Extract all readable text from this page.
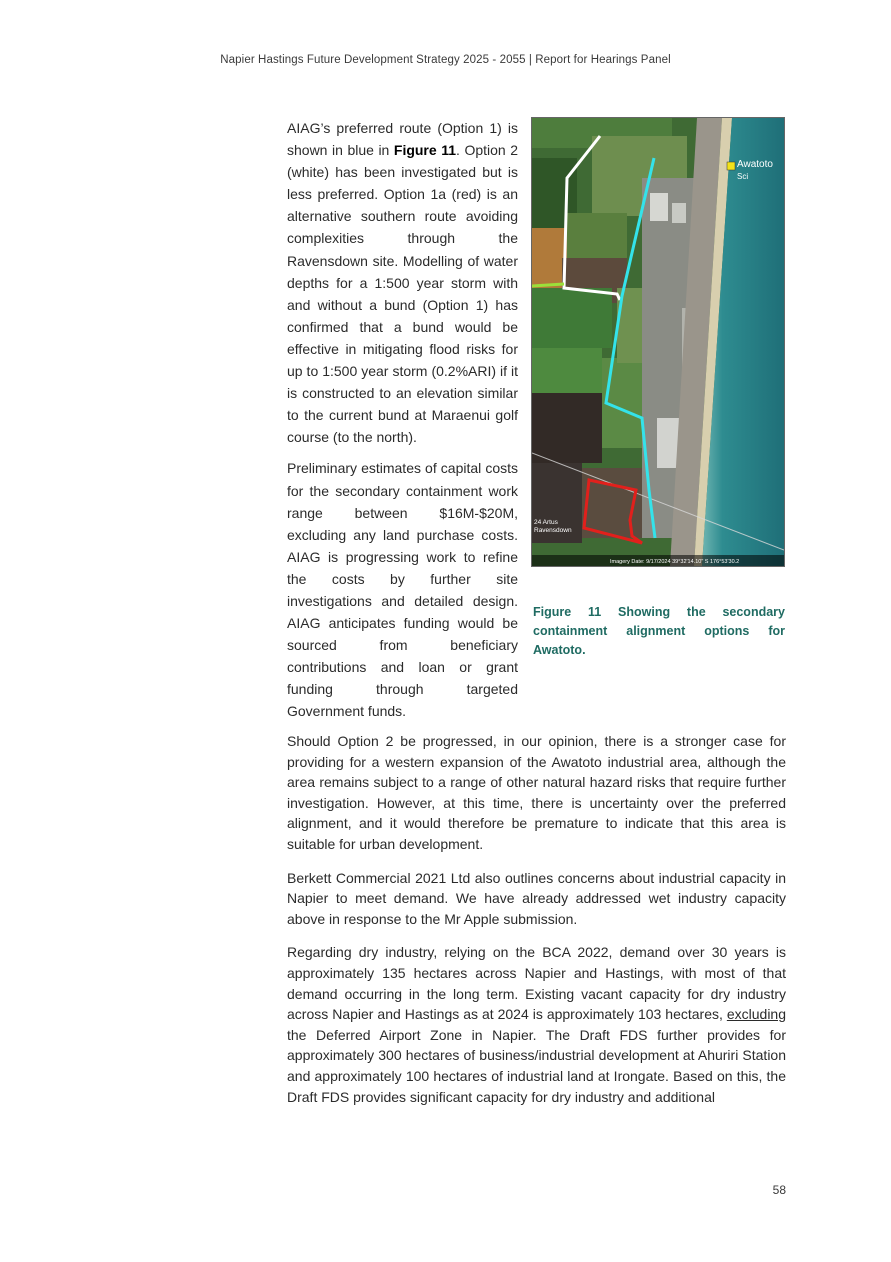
Napier Hastings Future Development Strategy 2025 - 2055 | Report for Hearings Panel

AIAG’s preferred route (Option 1) is shown in blue in Figure 11. Option 2 (white) has been investigated but is less preferred. Option 1a (red) is an alternative southern route avoiding complexities through the Ravensdown site. Modelling of water depths for a 1:500 year storm with and without a bund (Option 1) has confirmed that a bund would be effective in mitigating flood risks for up to 1:500 year storm (0.2%ARI) if it is constructed to an elevation similar to the current bund at Maraenui golf course (to the north).

Preliminary estimates of capital costs for the secondary containment work range between $16M-$20M, excluding any land purchase costs. AIAG is progressing work to refine the costs by further site investigations and detailed design. AIAG anticipates funding would be sourced from beneficiary contributions and loan or grant funding through targeted Government funds.

Awatoto
Sci
24 Artus
Ravensdown
Imagery Date: 9/17/2024 39°32'14.10" S 176°53'30.2
Figure 11 Showing the secondary containment alignment options for Awatoto.

Should Option 2 be progressed, in our opinion, there is a stronger case for providing for a western expansion of the Awatoto industrial area, although the area remains subject to a range of other natural hazard risks that require further investigation. However, at this time, there is uncertainty over the preferred alignment, and it would therefore be premature to indicate that this area is suitable for urban development.

Berkett Commercial 2021 Ltd also outlines concerns about industrial capacity in Napier to meet demand. We have already addressed wet industry capacity above in response to the Mr Apple submission.

Regarding dry industry, relying on the BCA 2022, demand over 30 years is approximately 135 hectares across Napier and Hastings, with most of that demand occurring in the long term. Existing vacant capacity for dry industry across Napier and Hastings as at 2024 is approximately 103 hectares, excluding the Deferred Airport Zone in Napier. The Draft FDS further provides for approximately 300 hectares of business/industrial development at Ahuriri Station and approximately 100 hectares of industrial land at Irongate. Based on this, the Draft FDS provides significant capacity for dry industry and additional

58
